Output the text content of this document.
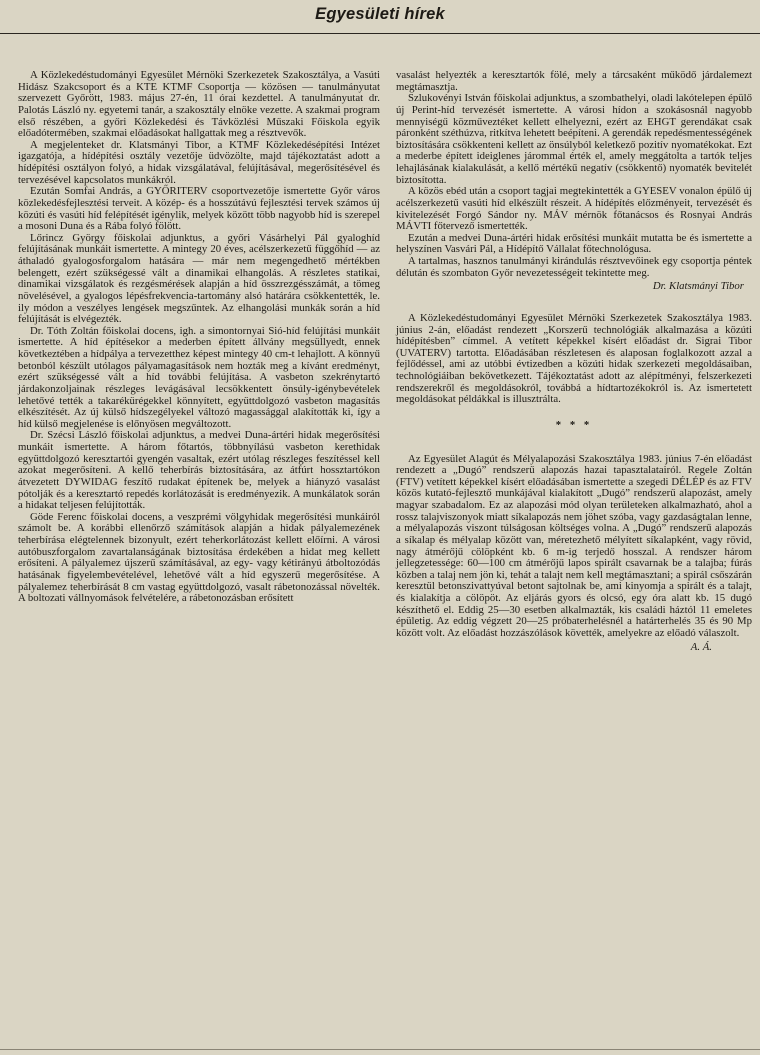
Egyesületi hírek

A Közlekedéstudományi Egyesület Mérnöki Szerkezetek Szakosztálya, a Vasúti Hidász Szakcsoport és a KTE KTMF Csoportja — közösen — tanulmányutat szervezett Győrött, 1983. május 27-én, 11 órai kezdettel. A tanulmányutat dr. Palotás László ny. egyetemi tanár, a szakosztály elnöke vezette. A szakmai program első részében, a győri Közlekedési és Távközlési Műszaki Főiskola egyik előadótermében, szakmai előadásokat hallgattak meg a résztvevők.

A megjelenteket dr. Klatsmányi Tibor, a KTMF Közlekedésépítési Intézet igazgatója, a hídépítési osztály vezetője üdvözölte, majd tájékoztatást adott a hídépítési osztályon folyó, a hidak vizsgálatával, felújításával, megerősítésével és tervezésével kapcsolatos munkákról.

Ezután Somfai András, a GYŐRITERV csoportvezetője ismertette Győr város közlekedésfejlesztési terveit. A közép- és a hosszútávú fejlesztési tervek számos új közúti és vasúti híd felépítését igénylik, melyek között több nagyobb híd is szerepel a mosoni Duna és a Rába folyó fölött.

Lőrincz György főiskolai adjunktus, a győri Vásárhelyi Pál gyaloghíd felújításának munkáit ismertette. A mintegy 20 éves, acélszerkezetű függőhíd — az áthaladó gyalogosforgalom hatására — már nem megengedhető mértékben belengett, ezért szükségessé vált a dinamikai elhangolás. A részletes statikai, dinamikai vizsgálatok és rezgésmérések alapján a híd összrezgésszámát, a tömeg növelésével, a gyalogos lépésfrekvencia-tartomány alsó határára csökkentették, le. ily módon a veszélyes lengések megszűntek. Az elhangolási munkák során a híd felújítását is elvégezték.

Dr. Tóth Zoltán főiskolai docens, igh. a simontornyai Sió-híd felújítási munkáit ismertette. A híd építésekor a mederben épített állvány megsüllyedt, ennek következtében a hídpálya a tervezetthez képest mintegy 40 cm-t lehajlott. A könnyű betonból készült utólagos pályamagasítások nem hozták meg a kívánt eredményt, ezért szükségessé vált a híd további felújítása. A vasbeton szekrénytartó járdakonzoljainak részleges levágásával lecsökkentett önsúly-igénybevételek lehetővé tették a takarékürégekkel könnyített, együttdolgozó vasbeton magasítás elkészítését. Az új külső hídszegélyekel változó magassággal alakították ki, így a híd külső megjelenése is előnyösen megváltozott.

Dr. Szécsi László főiskolai adjunktus, a medvei Duna-ártéri hidak megerősítési munkáit ismertette. A három főtartós, többnyílású vasbeton kerethidak együttdolgozó keresztartói gyengén vasaltak, ezért utólag részleges feszítéssel kell azokat megerősíteni. A kellő teherbírás biztosítására, az átfúrt hossztartókon átvezetett DYWIDAG feszítő rudakat építenek be, melyek a hiányzó vasalást pótolják és a keresztartó repedés korlátozását is eredményezik. A munkálatok során a hidakat teljesen felújították.

Göde Ferenc főiskolai docens, a veszprémi völgyhidak megerősítési munkáiról számolt be. A korábbi ellenőrző számítások alapján a hidak pályalemezének teherbírása elégtelennek bizonyult, ezért teherkorlátozást kellett előírni. A városi autóbuszforgalom zavartalanságának biztosítása érdekében a hidat meg kellett erősíteni. A pályalemez újszerű számításával, az egy- vagy kétirányú átboltozódás hatásának figyelembevételével, lehetővé vált a híd egyszerű megerősítése. A pályalemez teherbírását 8 cm vastag együttdolgozó, vasalt rábetonozással növelték. A boltozati vállnyomások felvételére, a rábetonozásban erősített

vasalást helyezték a keresztartók fölé, mely a tárcsaként működő járdalemezt megtámasztja.

Szlukovényi István főiskolai adjunktus, a szombathelyi, oladi lakótelepen épülő új Perint-híd tervezését ismertette. A városi hídon a szokásosnál nagyobb mennyiségű közműveztéket kellett elhelyezni, ezért az EHGT gerendákat csak páronként széthúzva, ritkítva lehetett beépíteni. A gerendák repedésmentességének biztosítására csökkenteni kellett az önsúlyból keletkező pozitív nyomatékokat. Ezt a mederbe épített ideiglenes járommal érték el, amely meggátolta a tartók teljes lehajlásának kialakulását, a kellő mértékű negatív (csökkentő) nyomaték bevitelét biztosította.

A közös ebéd után a csoport tagjai megtekintették a GYESEV vonalon épülő új acélszerkezetű vasúti híd elkészült részeit. A hídépítés előzményeit, tervezését és kivitelezését Forgó Sándor ny. MÁV mérnök főtanácsos és Rosnyai András MÁVTI főtervező ismertették.

Ezután a medvei Duna-ártéri hidak erősítési munkáit mutatta be és ismertette a helyszínen Vasvári Pál, a Hídépítő Vállalat főtechnológusa.

A tartalmas, hasznos tanulmányi kirándulás résztvevőinek egy csoportja péntek délután és szombaton Győr nevezetességeit tekintette meg.

Dr. Klatsmányi Tibor

A Közlekedéstudományi Egyesület Mérnöki Szerkezetek Szakosztálya 1983. június 2-án, előadást rendezett „Korszerű technológiák alkalmazása a közúti hídépítésben” címmel. A vetített képekkel kísért előadást dr. Sigrai Tibor (UVATERV) tartotta. Előadásában részletesen és alaposan foglalkozott azzal a fejlődéssel, ami az utóbbi évtizedben a közúti hidak szerkezeti megoldásaiban, technológiáiban bekövetkezett. Tájékoztatást adott az alépítményi, felszerkezeti rendszerekről és megoldásokról, továbbá a hídtartozékokról is. Az ismertetett megoldásokat példákkal is illusztrálta.

* * *

Az Egyesület Alagút és Mélyalapozási Szakosztálya 1983. június 7-én előadást rendezett a „Dugó” rendszerű alapozás hazai tapasztalatairól. Regele Zoltán (FTV) vetített képekkel kísért előadásában ismertette a szegedi DÉLÉP és az FTV közös kutató-fejlesztő munkájával kialakított „Dugó” rendszerű alapozást, amely magyar szabadalom. Ez az alapozási mód olyan területeken alkalmazható, ahol a rossz talajviszonyok miatt síkalapozás nem jöhet szóba, vagy gazdaságtalan lenne, a mélyalapozás viszont túlságosan költséges volna. A „Dugó” rendszerű alapozás a síkalap és mélyalap között van, méretezhető mélyített síkalapként, vagy rövid, nagy átmérőjű cölöpként kb. 6 m-ig terjedő hosszal. A rendszer három jellegzetessége: 60—100 cm átmérőjű lapos spirált csavarnak be a talajba; fúrás közben a talaj nem jön ki, tehát a talajt nem kell megtámasztani; a spirál csőszárán keresztül betonszivattyúval betont sajtolnak be, ami kinyomja a spirált és a talajt, és kialakítja a cölöpöt. Az eljárás gyors és olcsó, egy óra alatt kb. 15 dugó készíthető el. Eddig 25—30 esetben alkalmazták, kis családi háztól 11 emeletes épületig. Az eddig végzett 20—25 próbaterhelésnél a határterhelés 35 és 90 Mp között volt. Az előadást hozzászólások követték, amelyekre az előadó válaszolt.

A. Á.
